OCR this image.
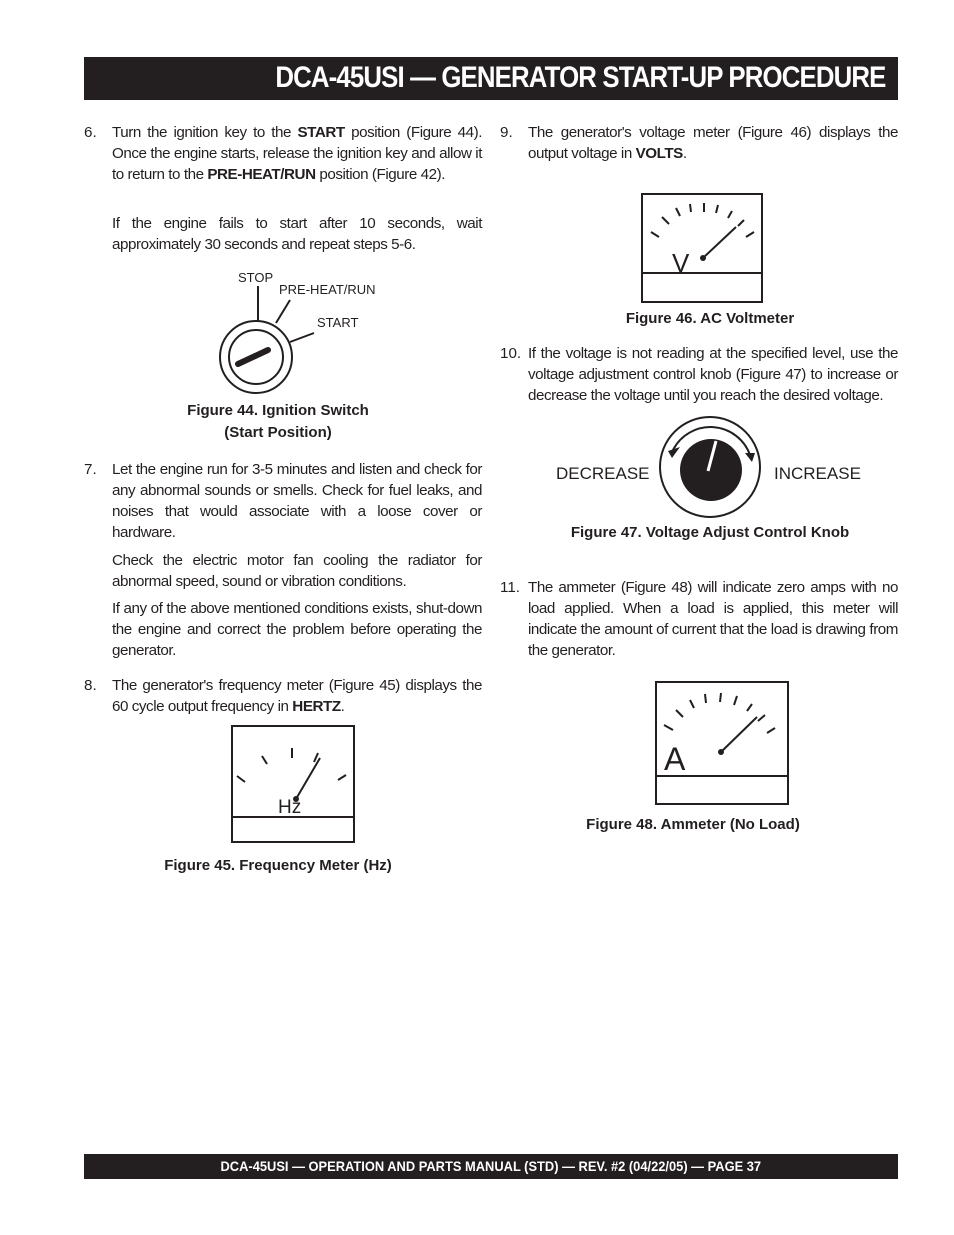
DCA-45USI — GENERATOR START-UP PROCEDURE
6. Turn the ignition key to the START position (Figure 44). Once the engine starts, release the ignition key and allow it to return to the PRE-HEAT/RUN position (Figure 42).
If the engine fails to start after 10 seconds, wait approximately 30 seconds and repeat steps 5-6.
STOP
PRE-HEAT/RUN
START
Figure 44. Ignition Switch
(Start Position)
7. Let the engine run for 3-5 minutes and listen and check for any abnormal sounds or smells. Check for fuel leaks, and noises that would associate with a loose cover or hardware.
Check the electric motor fan cooling the radiator for abnormal speed, sound or vibration conditions.
If any of the above mentioned conditions exists, shut-down the engine and correct the problem before operating the generator.
8. The generator's frequency meter (Figure 45) displays the 60 cycle output frequency in HERTZ.
Hz
Figure 45. Frequency Meter (Hz)
9. The generator's voltage meter (Figure 46) displays the output voltage in VOLTS.
V
Figure 46. AC Voltmeter
10. If the voltage is not reading at the specified level, use the voltage adjustment control knob (Figure 47) to increase or decrease the voltage until you reach the desired voltage.
DECREASE	INCREASE
Figure 47. Voltage Adjust Control Knob
11. The ammeter (Figure 48) will indicate zero amps with no load applied. When a load is applied, this meter will indicate the amount of current that the load is drawing from the generator.
A
Figure 48. Ammeter (No Load)
DCA-45USI — OPERATION AND PARTS MANUAL (STD) — REV. #2 (04/22/05) — PAGE 37
